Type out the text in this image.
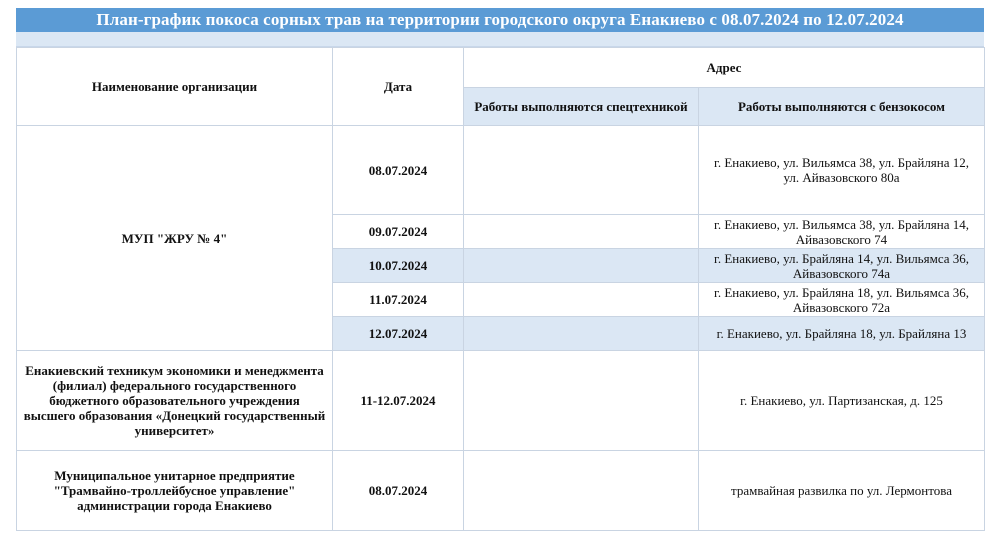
План-график покоса сорных трав на территории городского округа Енакиево с 08.07.2024 по 12.07.2024
Наименование организации	Дата	Адрес	
		Работы выполняются спецтехникой	Работы выполняются с бензокосом
МУП "ЖРУ № 4"	08.07.2024		г. Енакиево, ул. Вильямса 38, ул. Брайляна 12, ул. Айвазовского 80а
	09.07.2024		г. Енакиево, ул. Вильямса 38, ул. Брайляна 14, Айвазовского 74
	10.07.2024		г. Енакиево, ул. Брайляна 14, ул. Вильямса 36, Айвазовского 74а
	11.07.2024		г. Енакиево, ул. Брайляна 18, ул. Вильямса 36, Айвазовского 72а
	12.07.2024		г. Енакиево, ул. Брайляна 18, ул. Брайляна 13
Енакиевский техникум экономики и менеджмента (филиал) федерального государственного бюджетного образовательного учреждения высшего образования «Донецкий государственный университет»	11-12.07.2024		г. Енакиево, ул. Партизанская, д. 125
Муниципальное унитарное предприятие "Трамвайно-троллейбусное управление" администрации города Енакиево	08.07.2024		трамвайная развилка по ул. Лермонтова
